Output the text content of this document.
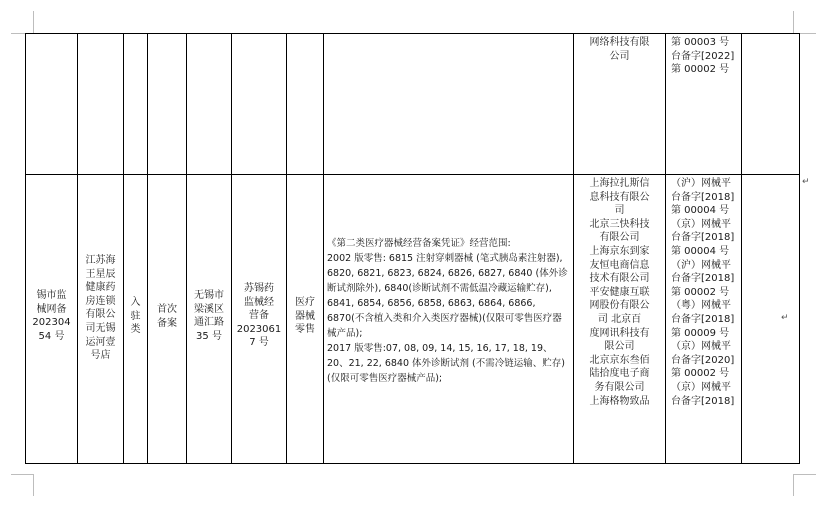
网络科技有限
公司
第 00003 号
台备字[2022]
第 00002 号
锡市监
械网备
202304
54 号
江苏海
王星辰
健康药
房连锁
有限公
司无锡
运河壹
号店
入
驻
类
首次
备案
无锡市
梁溪区
通汇路
35 号
苏锡药
监械经
营备
2023061
7 号
医疗
器械
零售
《第二类医疗器械经营备案凭证》经营范围:
2002 版零售: 6815 注射穿刺器械 (笔式胰岛素注射器), 6820, 6821, 6823, 6824, 6826, 6827, 6840 (体外诊断试剂除外), 6840(诊断试剂不需低温冷藏运输贮存), 6841, 6854, 6856, 6858, 6863, 6864, 6866, 6870(不含植入类和介入类医疗器械)(仅限可零售医疗器械产品);
2017 版零售:07, 08, 09, 14, 15, 16, 17, 18, 19、20、21, 22, 6840 体外诊断试剂 (不需冷链运输、贮存)(仅限可零售医疗器械产品);
上海拉扎斯信
息科技有限公
司
北京三快科技
有限公司
上海京东到家
友恒电商信息
技术有限公司
平安健康互联
网股份有限公
司 北京百
度网讯科技有
限公司
北京京东叁佰
陆拾度电子商
务有限公司
上海格物致品
（沪）网械平
台备字[2018]
第 00004 号
（京）网械平
台备字[2018]
第 00004 号
（沪）网械平
台备字[2018]
第 00002 号
（粤）网械平
台备字[2018]
第 00009 号
（京）网械平
台备字[2020]
第 00002 号
（京）网械平
台备字[2018]
↵
↵
